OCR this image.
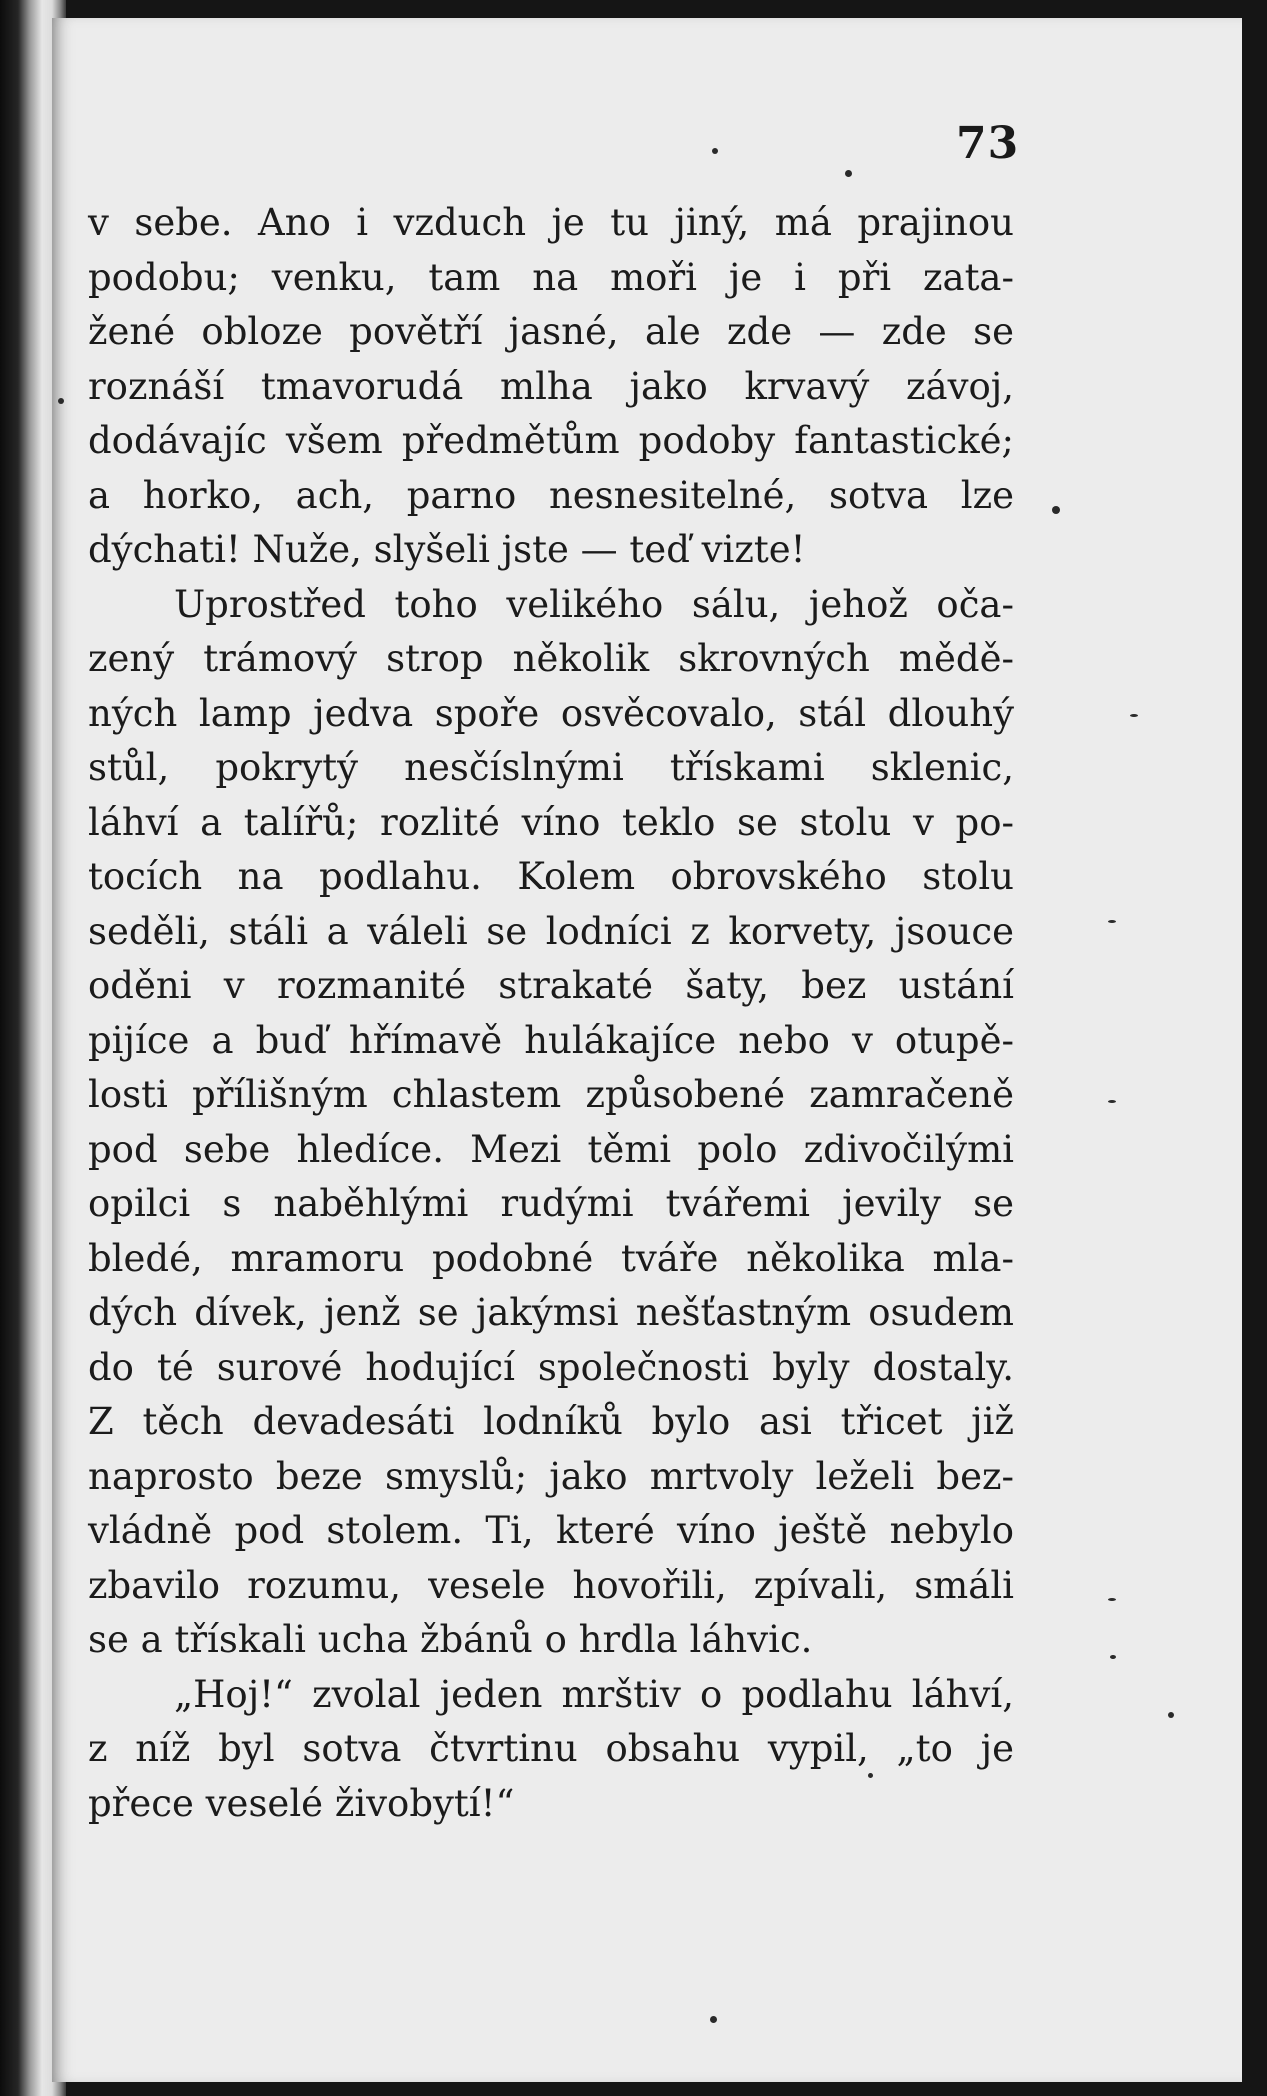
73
v sebe. Ano i vzduch je tu jiný, má prajinou
podobu; venku, tam na moři je i při zata-
žené obloze povětří jasné, ale zde — zde se
roznáší tmavorudá mlha jako krvavý závoj,
dodávajíc všem předmětům podoby fantastické;
a horko, ach, parno nesnesitelné, sotva lze
dýchati! Nuže, slyšeli jste — teď vizte!
Uprostřed toho velikého sálu, jehož oča-
zený trámový strop několik skrovných mědě-
ných lamp jedva spoře osvěcovalo, stál dlouhý
stůl, pokrytý nesčíslnými třískami sklenic,
láhví a talířů; rozlité víno teklo se stolu v po-
tocích na podlahu. Kolem obrovského stolu
seděli, stáli a váleli se lodníci z korvety, jsouce
oděni v rozmanité strakaté šaty, bez ustání
pijíce a buď hřímavě hulákajíce nebo v otupě-
losti přílišným chlastem způsobené zamračeně
pod sebe hledíce. Mezi těmi polo zdivočilými
opilci s naběhlými rudými tvářemi jevily se
bledé, mramoru podobné tváře několika mla-
dých dívek, jenž se jakýmsi nešťastným osudem
do té surové hodující společnosti byly dostaly.
Z těch devadesáti lodníků bylo asi třicet již
naprosto beze smyslů; jako mrtvoly leželi bez-
vládně pod stolem. Ti, které víno ještě nebylo
zbavilo rozumu, vesele hovořili, zpívali, smáli
se a třískali ucha žbánů o hrdla láhvic.
„Hoj!“ zvolal jeden mrštiv o podlahu láhví,
z níž byl sotva čtvrtinu obsahu vypil, „to je
přece veselé živobytí!“
